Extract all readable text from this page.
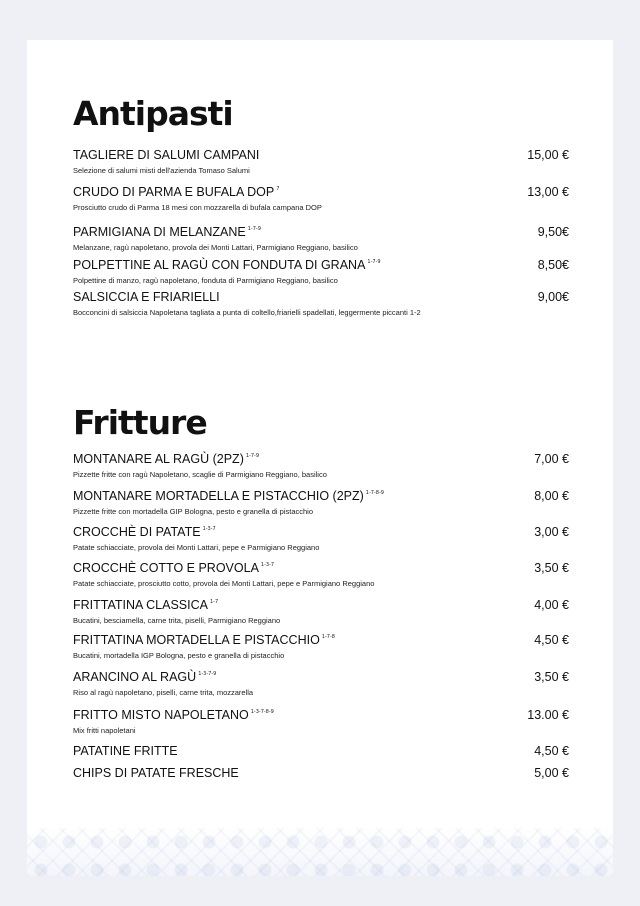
Antipasti
TAGLIERE DI SALUMI CAMPANI	15,00 €
Selezione di salumi misti dell'azienda Tomaso Salumi
CRUDO DI PARMA E BUFALA DOP $^7$	13,00 €
Prosciutto crudo di Parma 18 mesi con mozzarella di bufala campana DOP
PARMIGIANA DI MELANZANE $^{1-7-9}$	9,50€
Melanzane, ragù napoletano, provola dei Monti Lattari, Parmigiano Reggiano, basilico
POLPETTINE AL RAGÙ CON FONDUTA DI GRANA $^{1-7-9}$	8,50€
Polpettine di manzo, ragù napoletano, fonduta di Parmigiano Reggiano, basilico
SALSICCIA E FRIARIELLI	9,00€
Bocconcini di salsiccia Napoletana tagliata a punta di coltello,friarielli spadellati, leggermente piccanti 1-2
Fritture
MONTANARE AL RAGÙ (2PZ) $^{1-7-9}$	7,00 €
Pizzette fritte con ragù Napoletano, scaglie di Parmigiano Reggiano, basilico
MONTANARE MORTADELLA E PISTACCHIO (2PZ) $^{1-7-8-9}$	8,00 €
Pizzette fritte con mortadella GIP Bologna, pesto e granella di pistacchio
CROCCHÈ DI PATATE $^{1-3-7}$	3,00 €
Patate schiacciate, provola dei Monti Lattari, pepe e Parmigiano Reggiano
CROCCHÈ COTTO E PROVOLA $^{1-3-7}$	3,50 €
Patate schiacciate, prosciutto cotto, provola dei Monti Lattari, pepe e Parmigiano Reggiano
FRITTATINA CLASSICA $^{1-7}$	4,00 €
Bucatini, besciamella, carne trita, piselli, Parmigiano Reggiano
FRITTATINA MORTADELLA E PISTACCHIO $^{1-7-8}$	4,50 €
Bucatini, mortadella IGP Bologna, pesto e granella di pistacchio
ARANCINO AL RAGÙ $^{1-3-7-9}$	3,50 €
Riso al ragù napoletano, piselli, carne trita, mozzarella
FRITTO MISTO NAPOLETANO $^{1-3-7-8-9}$	13.00 €
Mix fritti napoletani
PATATINE FRITTE	4,50 €
CHIPS DI PATATE FRESCHE	5,00 €
